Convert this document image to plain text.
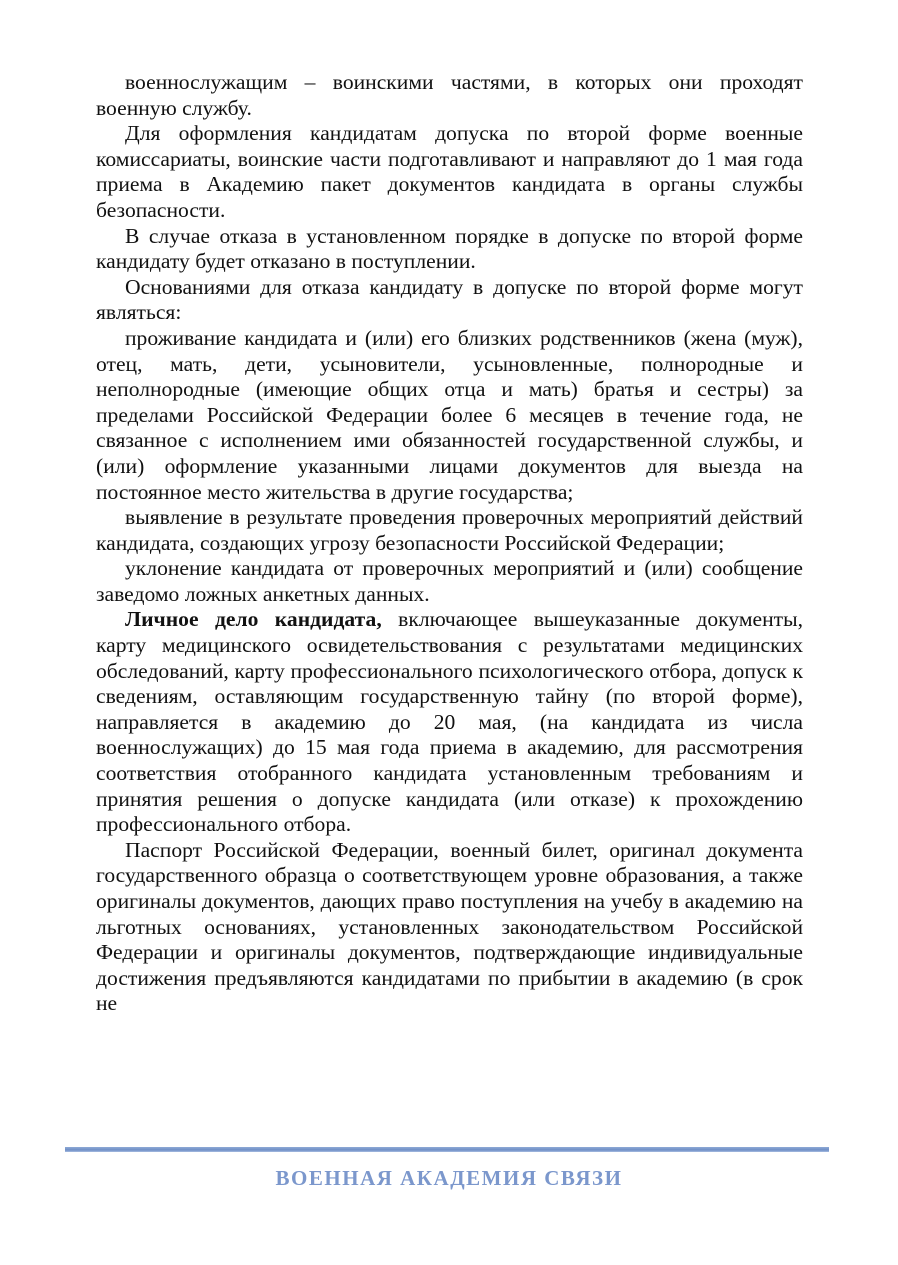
военнослужащим – воинскими частями, в которых они проходят военную службу.

Для оформления кандидатам допуска по второй форме военные комиссариаты, воинские части подготавливают и направляют до 1 мая года приема в Академию пакет документов кандидата в органы службы безопасности.

В случае отказа в установленном порядке в допуске по второй форме кандидату будет отказано в поступлении.

Основаниями для отказа кандидату в допуске по второй форме могут являться:

проживание кандидата и (или) его близких родственников (жена (муж), отец, мать, дети, усыновители, усыновленные, полнородные и неполнородные (имеющие общих отца и мать) братья и сестры) за пределами Российской Федерации более 6 месяцев в течение года, не связанное с исполнением ими обязанностей государственной службы, и (или) оформление указанными лицами документов для выезда на постоянное место жительства в другие государства;

выявление в результате проведения проверочных мероприятий действий кандидата, создающих угрозу безопасности Российской Федерации;

уклонение кандидата от проверочных мероприятий и (или) сообщение заведомо ложных анкетных данных.

Личное дело кандидата, включающее вышеуказанные документы, карту медицинского освидетельствования с результатами медицинских обследований, карту профессионального психологического отбора, допуск к сведениям, оставляющим государственную тайну (по второй форме), направляется в академию до 20 мая, (на кандидата из числа военнослужащих) до 15 мая года приема в академию, для рассмотрения соответствия отобранного кандидата установленным требованиям и принятия решения о допуске кандидата (или отказе) к прохождению профессионального отбора.

Паспорт Российской Федерации, военный билет, оригинал документа государственного образца о соответствующем уровне образования, а также оригиналы документов, дающих право поступления на учебу в академию на льготных основаниях, установленных законодательством Российской Федерации и оригиналы документов, подтверждающие индивидуальные достижения предъявляются кандидатами по прибытии в академию (в срок не

ВОЕННАЯ АКАДЕМИЯ СВЯЗИ
